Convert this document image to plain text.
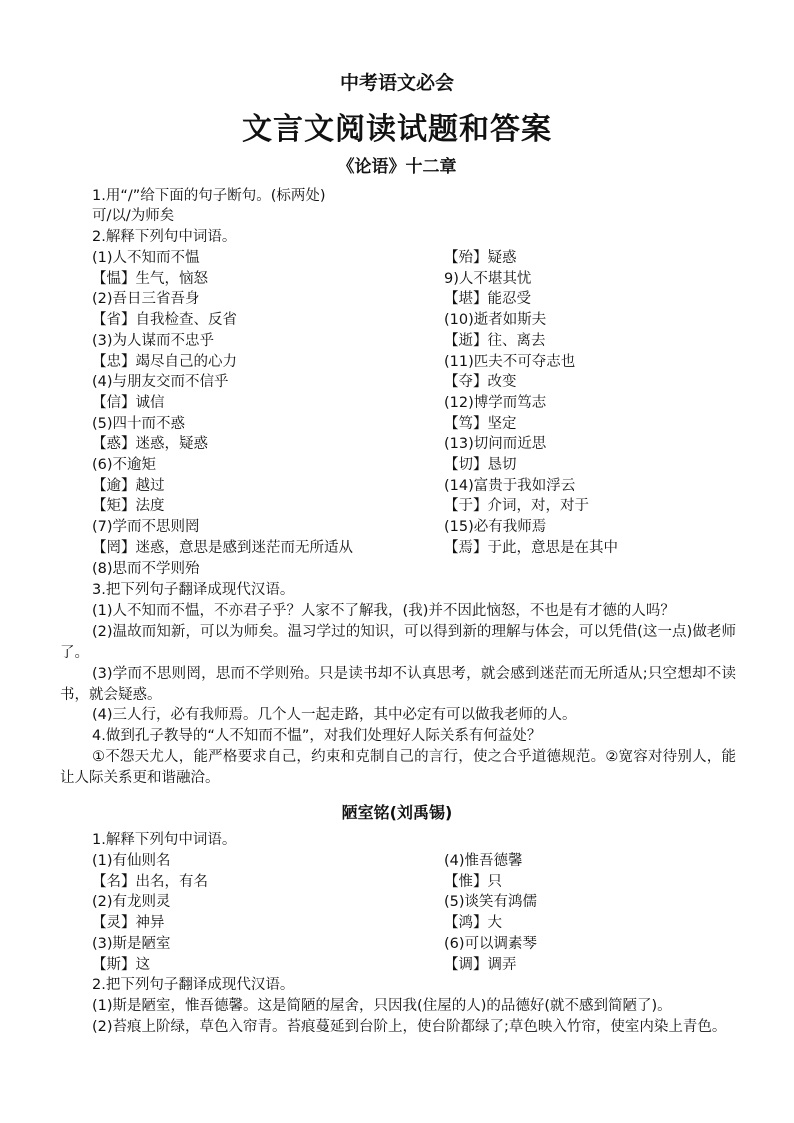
中考语文必会
文言文阅读试题和答案
《论语》十二章
1.用“/”给下面的句子断句。(标两处)
可/以/为师矣
2.解释下列句中词语。
(1)人不知而不愠
【愠】生气，恼怒
(2)吾日三省吾身
【省】自我检查、反省
(3)为人谋而不忠乎
【忠】竭尽自己的心力
(4)与朋友交而不信乎
【信】诚信
(5)四十而不惑
【惑】迷惑，疑惑
(6)不逾矩
【逾】越过
【矩】法度
(7)学而不思则罔
【罔】迷惑，意思是感到迷茫而无所适从
(8)思而不学则殆
【殆】疑惑
9)人不堪其忧
【堪】能忍受
(10)逝者如斯夫
【逝】往、离去
(11)匹夫不可夺志也
【夺】改变
(12)博学而笃志
【笃】坚定
(13)切问而近思
【切】恳切
(14)富贵于我如浮云
【于】介词，对，对于
(15)必有我师焉
【焉】于此，意思是在其中
3.把下列句子翻译成现代汉语。
(1)人不知而不愠，不亦君子乎？人家不了解我，(我)并不因此恼怒，不也是有才德的人吗？
(2)温故而知新，可以为师矣。温习学过的知识，可以得到新的理解与体会，可以凭借(这一点)做老师了。
(3)学而不思则罔，思而不学则殆。只是读书却不认真思考，就会感到迷茫而无所适从;只空想却不读书，就会疑惑。
(4)三人行，必有我师焉。几个人一起走路，其中必定有可以做我老师的人。
4.做到孔子教导的“人不知而不愠”，对我们处理好人际关系有何益处？
①不怨天尤人，能严格要求自己，约束和克制自己的言行，使之合乎道德规范。②宽容对待别人，能让人际关系更和谐融洽。
陋室铭(刘禹锡)
1.解释下列句中词语。
(1)有仙则名
【名】出名，有名
(2)有龙则灵
【灵】神异
(3)斯是陋室
【斯】这
(4)惟吾德馨
【惟】只
(5)谈笑有鸿儒
【鸿】大
(6)可以调素琴
【调】调弄
2.把下列句子翻译成现代汉语。
(1)斯是陋室，惟吾德馨。这是简陋的屋舍，只因我(住屋的人)的品德好(就不感到简陋了)。
(2)苔痕上阶绿，草色入帘青。苔痕蔓延到台阶上，使台阶都绿了;草色映入竹帘，使室内染上青色。
